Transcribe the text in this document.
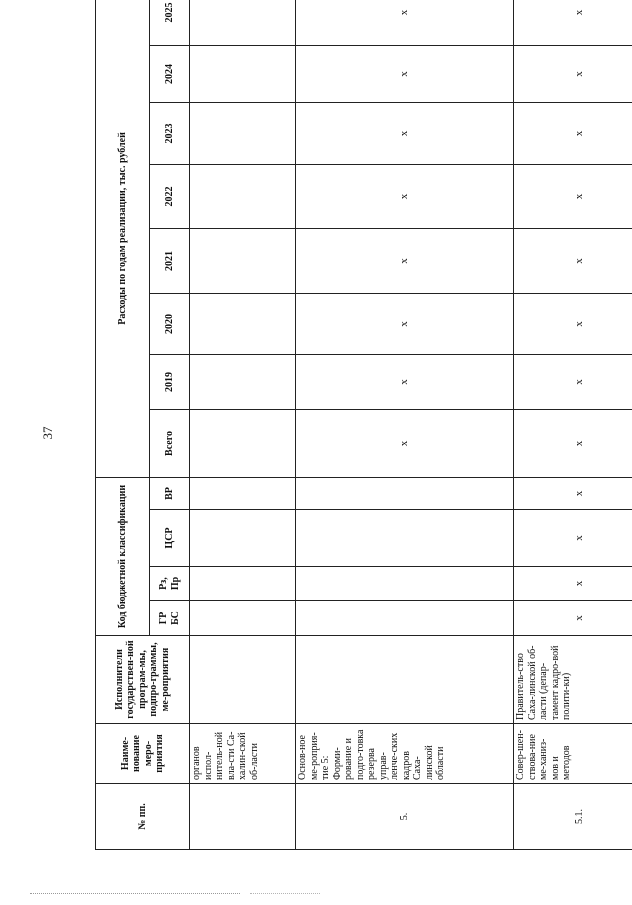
37
№ пп.	Наиме-нование меро-приятия	Исполнители государствен-ной програм-мы, подпро-граммы, ме-роприятия	Код бюджетной классификации				Расходы по годам реализации, тыс. рублей							
			ГР БС	Рз, Пр	ЦСР	ВР	Всего	2019	2020	2021	2022	2023	2024	2025
	органов испол-нитель-ной вла-сти Са-халин-ской об-ласти													
5.	Основ-ное ме-роприя-тие 5: Форми-рование и подго-товка резерва управ-ленче-ских кадров Саха-линской области						x	x	x	x	x	x	x	x
5.1.	Совер-шен-ствова-ние ме-ханиз-мов и методов	Правитель-ство Саха-линской об-ласти (депар-тамент кадро-вой полити-ки)	x	x	x	x	x	x	x	x	x	x	x	x
